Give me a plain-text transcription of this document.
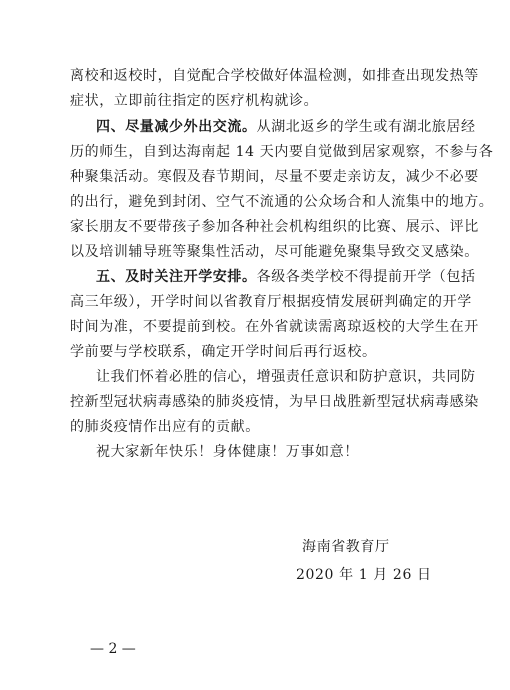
离校和返校时，自觉配合学校做好体温检测，如排查出现发热等
症状，立即前往指定的医疗机构就诊。
四、尽量减少外出交流。从湖北返乡的学生或有湖北旅居经
历的师生，自到达海南起 14 天内要自觉做到居家观察，不参与各
种聚集活动。寒假及春节期间，尽量不要走亲访友，减少不必要
的出行，避免到封闭、空气不流通的公众场合和人流集中的地方。
家长朋友不要带孩子参加各种社会机构组织的比赛、展示、评比
以及培训辅导班等聚集性活动，尽可能避免聚集导致交叉感染。
五、及时关注开学安排。各级各类学校不得提前开学（包括
高三年级），开学时间以省教育厅根据疫情发展研判确定的开学
时间为准，不要提前到校。在外省就读需离琼返校的大学生在开
学前要与学校联系，确定开学时间后再行返校。
让我们怀着必胜的信心，增强责任意识和防护意识，共同防
控新型冠状病毒感染的肺炎疫情，为早日战胜新型冠状病毒感染
的肺炎疫情作出应有的贡献。
祝大家新年快乐！身体健康！万事如意！
海南省教育厅
2020 年 1 月 26 日
— 2 —
